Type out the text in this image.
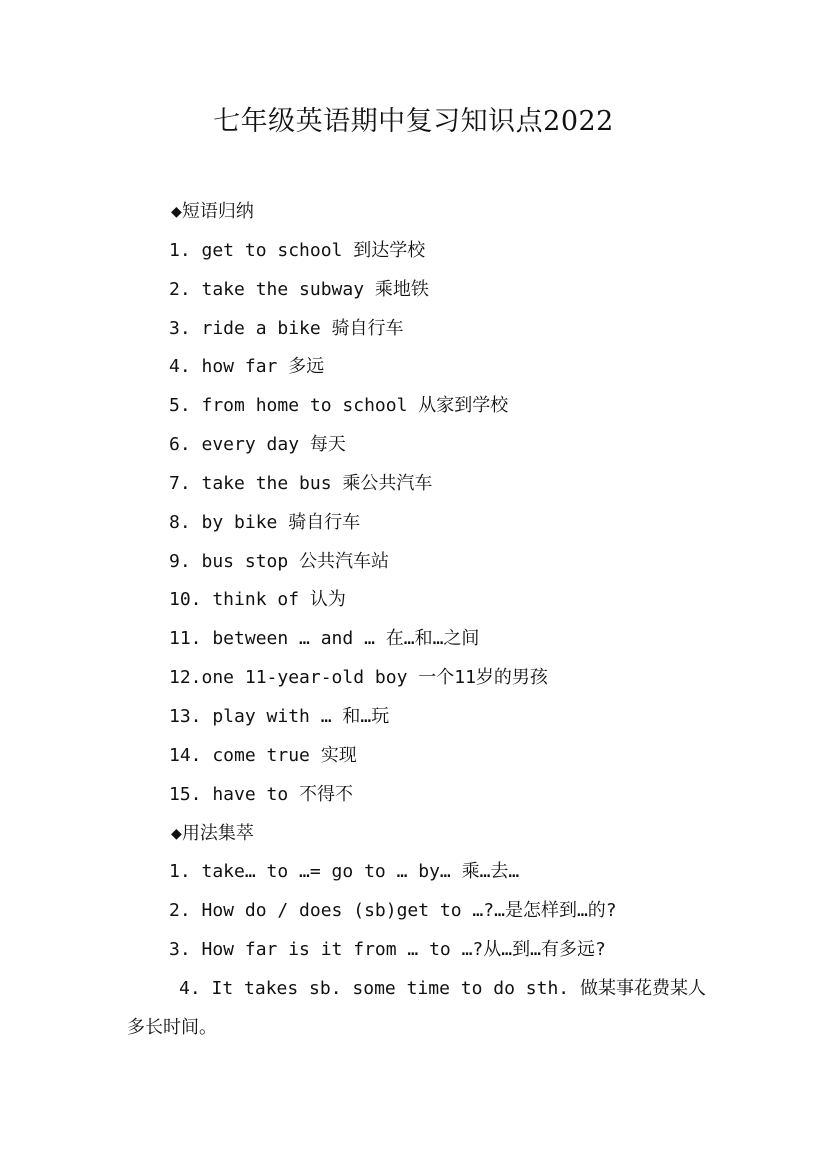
七年级英语期中复习知识点2022
◆短语归纳
1. get to school 到达学校
2. take the subway 乘地铁
3. ride a bike 骑自行车
4. how far 多远
5. from home to school 从家到学校
6. every day 每天
7. take the bus 乘公共汽车
8. by bike 骑自行车
9. bus stop 公共汽车站
10. think of 认为
11. between … and … 在…和…之间
12.one 11-year-old boy 一个11岁的男孩
13. play with … 和…玩
14. come true 实现
15. have to 不得不
◆用法集萃
1. take… to …= go to … by… 乘…去…
2. How do / does (sb)get to …?…是怎样到…的?
3. How far is it from … to …?从…到…有多远?
4. It takes sb. some time to do sth. 做某事花费某人多长时间。
